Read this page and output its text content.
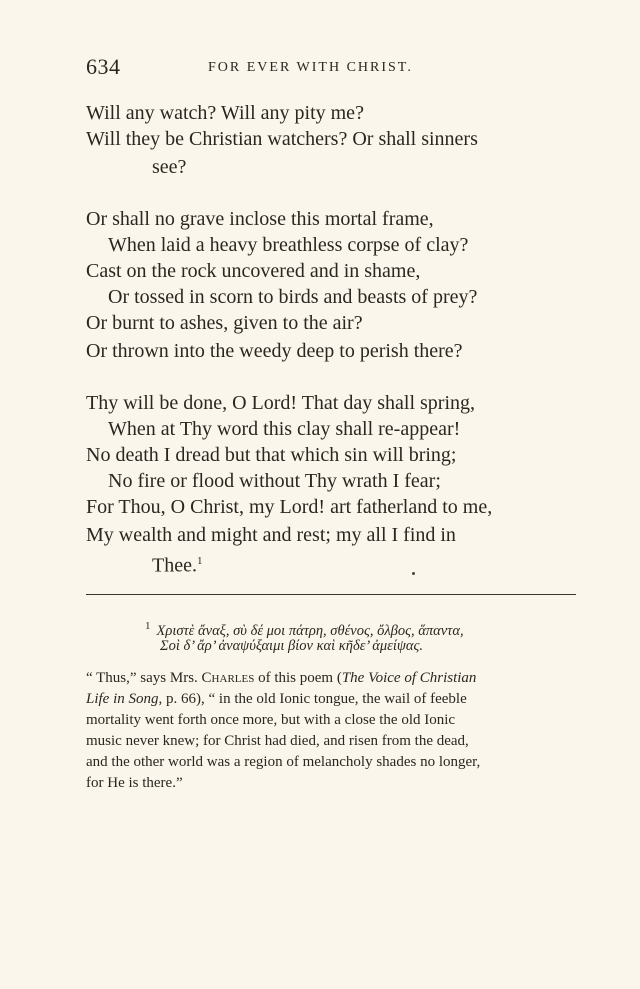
634	FOR EVER WITH CHRIST.
Will any watch? Will any pity me?
Will they be Christian watchers? Or shall sinners
see?
Or shall no grave inclose this mortal frame,
When laid a heavy breathless corpse of clay?
Cast on the rock uncovered and in shame,
Or tossed in scorn to birds and beasts of prey?
Or burnt to ashes, given to the air?
Or thrown into the weedy deep to perish there?
Thy will be done, O Lord! That day shall spring,
When at Thy word this clay shall re-appear!
No death I dread but that which sin will bring;
No fire or flood without Thy wrath I fear;
For Thou, O Christ, my Lord! art fatherland to me,
My wealth and might and rest; my all I find in
Thee.$^1$
$^1$ Χριστὲ ἄναξ, σὺ δέ μοι πάτρη, σθένος, ὄλβος, ἅπαντα,
Σοὶ δ’ ἄρ’ ἀναψύξαιμι βίον καὶ κῆδε’ ἀμείψας.
“ Thus,” says Mrs. Charles of this poem (The Voice of Christian
Life in Song, p. 66), “ in the old Ionic tongue, the wail of feeble
mortality went forth once more, but with a close the old Ionic
music never knew; for Christ had died, and risen from the dead,
and the other world was a region of melancholy shades no longer,
for He is there.”
